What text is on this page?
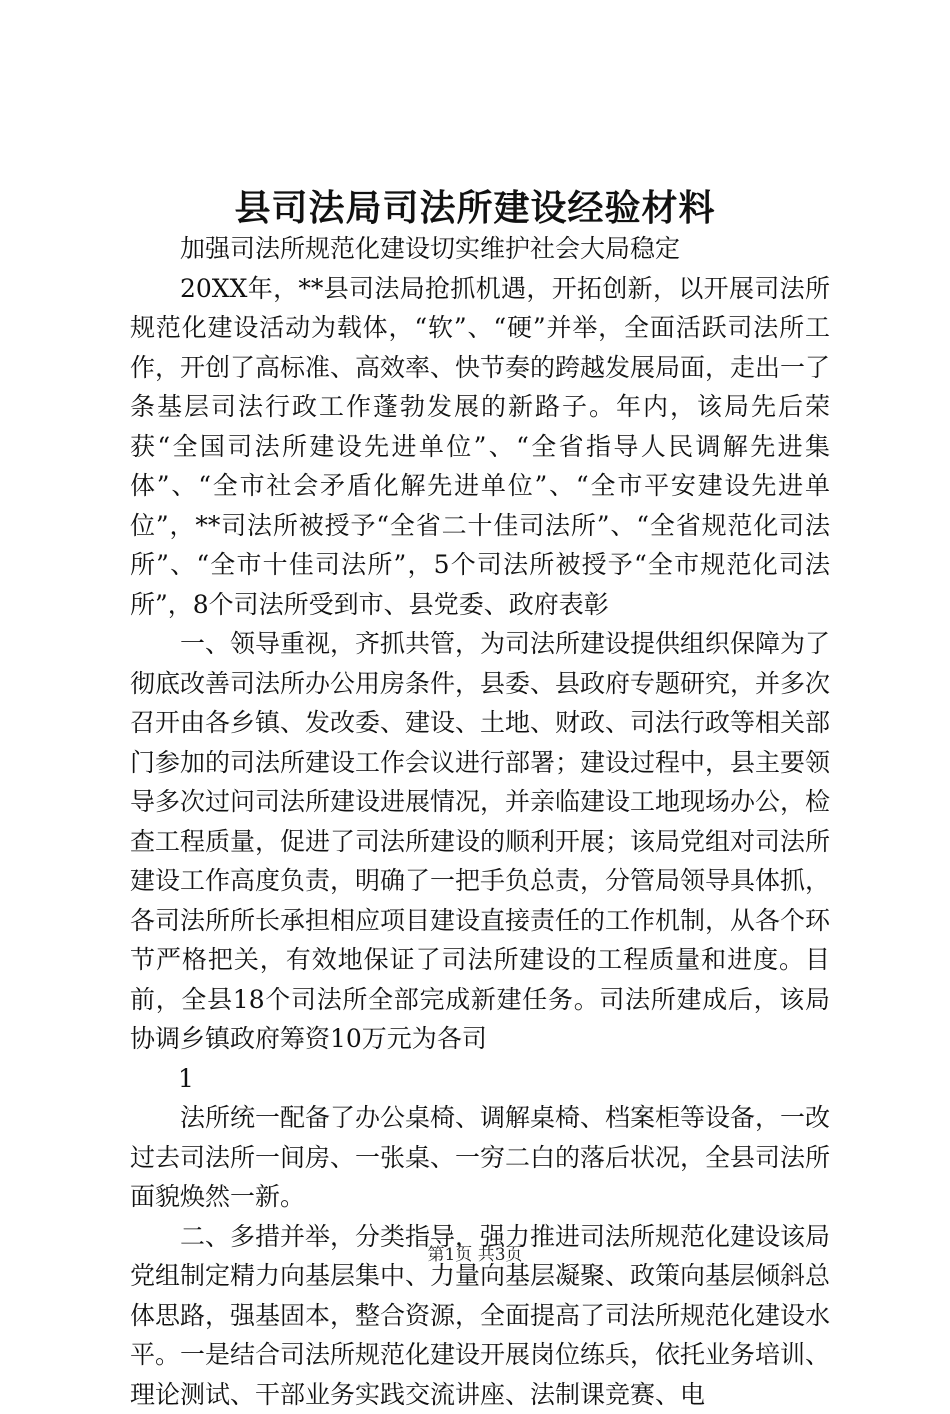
县司法局司法所建设经验材料

加强司法所规范化建设切实维护社会大局稳定

20XX年，**县司法局抢抓机遇，开拓创新，以开展司法所规范化建设活动为载体，“软”、“硬”并举，全面活跃司法所工作，开创了高标准、高效率、快节奏的跨越发展局面，走出一了条基层司法行政工作蓬勃发展的新路子。年内，该局先后荣获“全国司法所建设先进单位”、“全省指导人民调解先进集体”、“全市社会矛盾化解先进单位”、“全市平安建设先进单位”，**司法所被授予“全省二十佳司法所”、“全省规范化司法所”、“全市十佳司法所”，5个司法所被授予“全市规范化司法所”，8个司法所受到市、县党委、政府表彰

一、领导重视，齐抓共管，为司法所建设提供组织保障为了彻底改善司法所办公用房条件，县委、县政府专题研究，并多次召开由各乡镇、发改委、建设、土地、财政、司法行政等相关部门参加的司法所建设工作会议进行部署；建设过程中，县主要领导多次过问司法所建设进展情况，并亲临建设工地现场办公，检查工程质量，促进了司法所建设的顺利开展；该局党组对司法所建设工作高度负责，明确了一把手负总责，分管局领导具体抓，各司法所所长承担相应项目建设直接责任的工作机制，从各个环节严格把关，有效地保证了司法所建设的工程质量和进度。目前，全县18个司法所全部完成新建任务。司法所建成后，该局协调乡镇政府筹资10万元为各司

1

法所统一配备了办公桌椅、调解桌椅、档案柜等设备，一改过去司法所一间房、一张桌、一穷二白的落后状况，全县司法所面貌焕然一新。

二、多措并举，分类指导，强力推进司法所规范化建设该局党组制定精力向基层集中、力量向基层凝聚、政策向基层倾斜总体思路，强基固本，整合资源，全面提高了司法所规范化建设水平。一是结合司法所规范化建设开展岗位练兵，依托业务培训、理论测试、干部业务实践交流讲座、法制课竞赛、电

第1页 共3页
